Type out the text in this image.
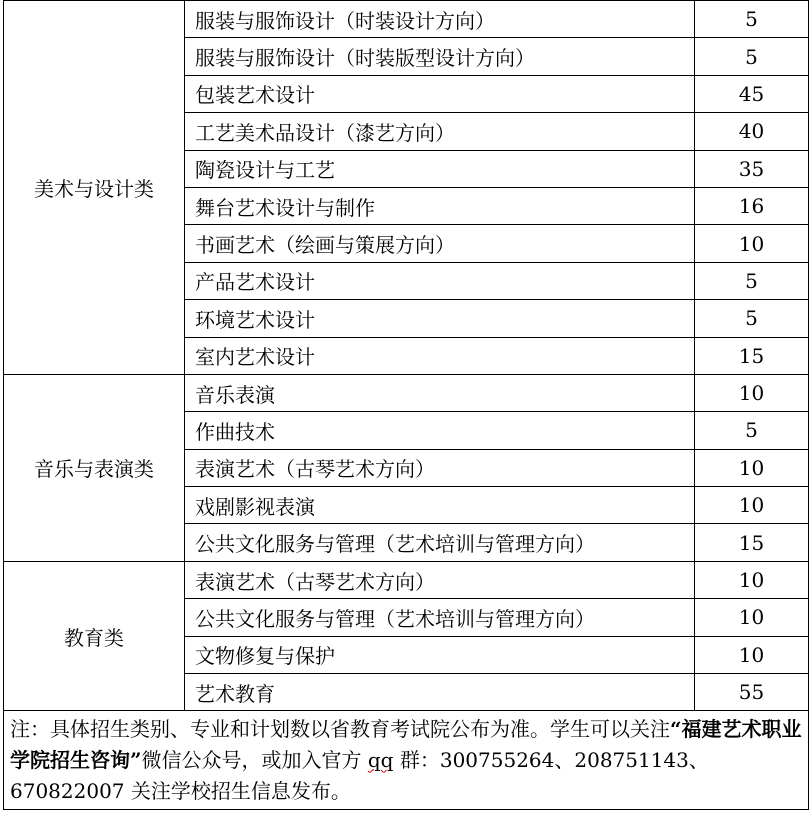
美术与设计类	服装与服饰设计（时装设计方向）	5
	服装与服饰设计（时装版型设计方向）	5
	包装艺术设计	45
	工艺美术品设计（漆艺方向）	40
	陶瓷设计与工艺	35
	舞台艺术设计与制作	16
	书画艺术（绘画与策展方向）	10
	产品艺术设计	5
	环境艺术设计	5
	室内艺术设计	15
音乐与表演类	音乐表演	10
	作曲技术	5
	表演艺术（古琴艺术方向）	10
	戏剧影视表演	10
	公共文化服务与管理（艺术培训与管理方向）	15
教育类	表演艺术（古琴艺术方向）	10
	公共文化服务与管理（艺术培训与管理方向）	10
	文物修复与保护	10
	艺术教育	55
注：具体招生类别、专业和计划数以省教育考试院公布为准。学生可以关注“福建艺术职业学院招生咨询”微信公众号，或加入官方 qq 群：300755264、208751143、670822007 关注学校招生信息发布。		
